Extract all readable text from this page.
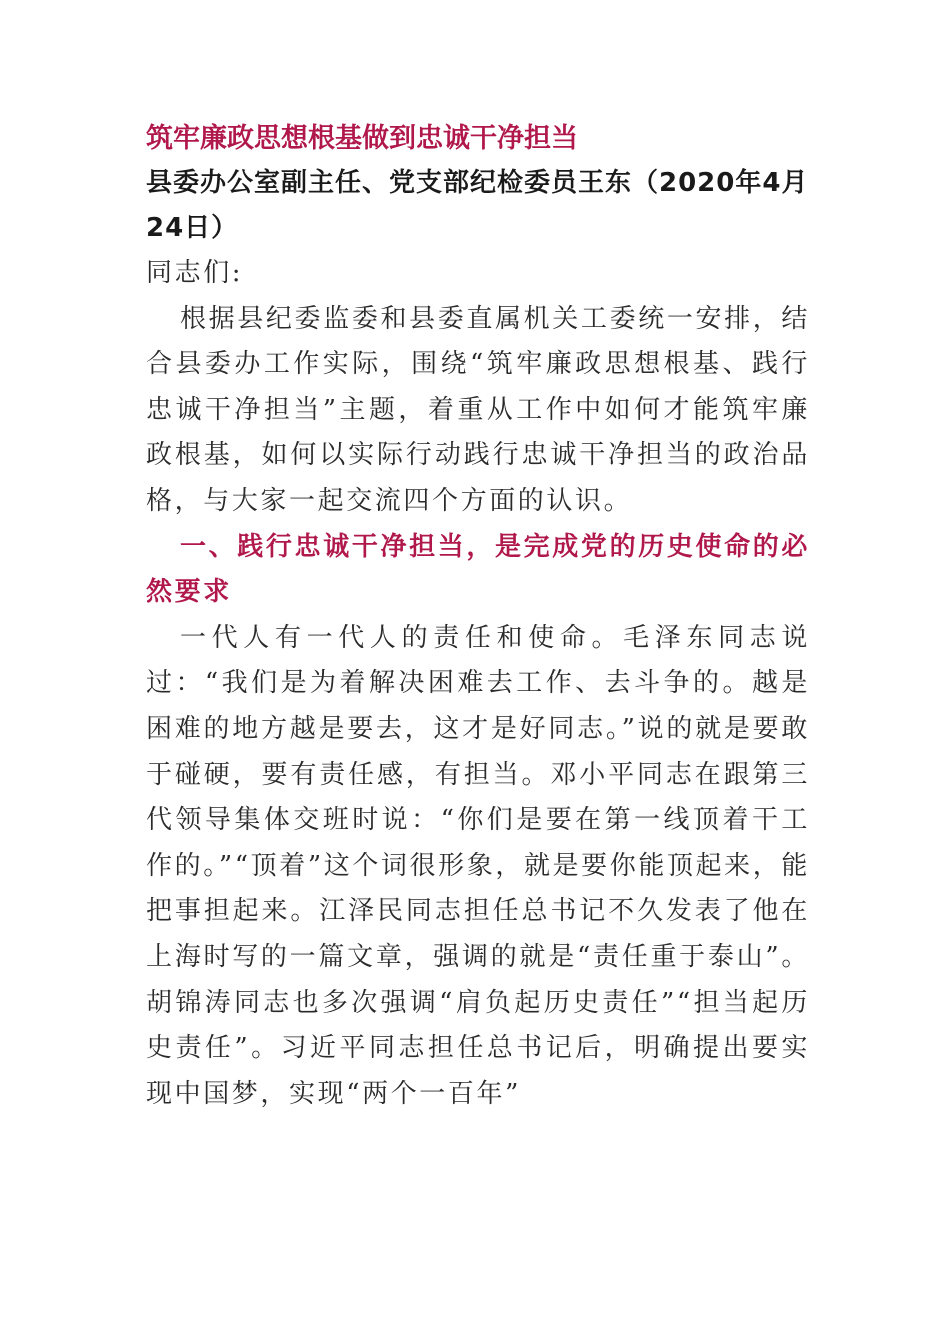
筑牢廉政思想根基做到忠诚干净担当

县委办公室副主任、党支部纪检委员王东（2020年4月24日）

同志们:

根据县纪委监委和县委直属机关工委统一安排，结合县委办工作实际，围绕“筑牢廉政思想根基、践行忠诚干净担当”主题，着重从工作中如何才能筑牢廉政根基，如何以实际行动践行忠诚干净担当的政治品格，与大家一起交流四个方面的认识。

一、践行忠诚干净担当，是完成党的历史使命的必然要求

一代人有一代人的责任和使命。毛泽东同志说过：“我们是为着解决困难去工作、去斗争的。越是困难的地方越是要去，这才是好同志。”说的就是要敢于碰硬，要有责任感，有担当。邓小平同志在跟第三代领导集体交班时说：“你们是要在第一线顶着干工作的。”“顶着”这个词很形象，就是要你能顶起来，能把事担起来。江泽民同志担任总书记不久发表了他在上海时写的一篇文章，强调的就是“责任重于泰山”。胡锦涛同志也多次强调“肩负起历史责任”“担当起历史责任”。习近平同志担任总书记后，明确提出要实现中国梦，实现“两个一百年”
